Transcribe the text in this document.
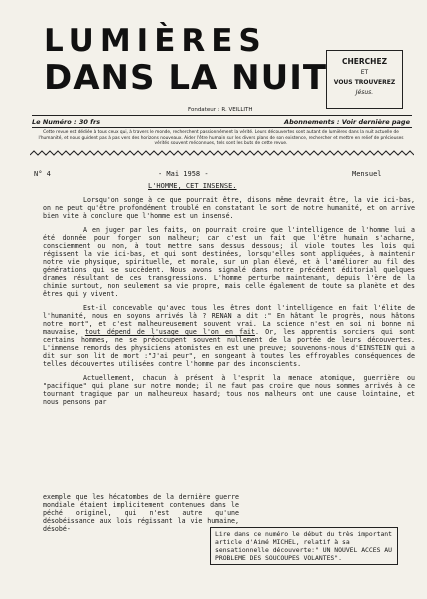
LUMIÈRES
DANS LA NUIT
Fondateur : R. VEILLITH
CHERCHEZ
ET
VOUS TROUVEREZ
Jésus.
Le Numéro : 30 frs	Abonnements : Voir dernière page
Cette revue est dédiée à tous ceux qui, à travers le monde, recherchent passionnément la vérité. Leurs découvertes sont autant de lumières dans la nuit actuelle de l'humanité, et nous guident pas à pas vers des horizons nouveaux. Aider l'être humain sur les divers plans de son existence, rechercher et mettre en relief de précieuses vérités souvent méconnues, tels sont les buts de cette revue.
N° 4	- Mai 1958 -	Mensuel
L'HOMME, CET INSENSE.

Lorsqu'on songe à ce que pourrait être, disons même devrait être, la vie ici-bas, on ne peut qu'être profondément troublé en constatant le sort de notre humanité, et on arrive bien vite à conclure que l'homme est un insensé.

A en juger par les faits, on pourrait croire que l'intelligence de l'homme lui a été donnée pour forger son malheur; car c'est un fait que l'être humain s'acharne, consciemment ou non, à tout mettre sans dessus dessous; il viole toutes les lois qui régissent la vie ici-bas, et qui sont destinées, lorsqu'elles sont appliquées, à maintenir notre vie physique, spirituelle, et morale, sur un plan élevé, et à l'améliorer au fil des générations qui se succèdent. Nous avons signalé dans notre précédent éditorial quelques drames résultant de ces transgressions. L'homme perturbe maintenant, depuis l'ère de la chimie surtout, non seulement sa vie propre, mais celle également de toute sa planète et des êtres qui y vivent.

Est-il concevable qu'avec tous les êtres dont l'intelligence en fait l'élite de l'humanité, nous en soyons arrivés là ? RENAN a dit :" En hâtant le progrès, nous hâtons notre mort", et c'est malheureusement souvent vrai. La science n'est en soi ni bonne ni mauvaise, tout dépend de l'usage que l'on en fait. Or, les apprentis sorciers qui sont certains hommes, ne se préoccupent souvent nullement de la portée de leurs découvertes. L'immense remords des physiciens atomistes en est une preuve; souvenons-nous d'EINSTEIN qui a dit sur son lit de mort :"J'ai peur", en songeant à toutes les effroyables conséquences de telles découvertes utilisées contre l'homme par des inconscients.

Actuellement, chacun à présent à l'esprit la menace atomique, guerrière ou "pacifique" qui plane sur notre monde; il ne faut pas croire que nous sommes arrivés à ce tournant tragique par un malheureux hasard; tous nos malheurs ont une cause lointaine, et nous pensons par

exemple que les hécatombes de la dernière guerre mondiale étaient implicitement contenues dans le péché originel, qui n'est autre qu'une désobéissance aux lois régissant la vie humaine, désobé-
Lire dans ce numéro le début du très important article d'Aimé MICHEL, relatif à sa sensationnelle découverte:" UN NOUVEL ACCES AU PROBLEME DES SOUCOUPES VOLANTES".
